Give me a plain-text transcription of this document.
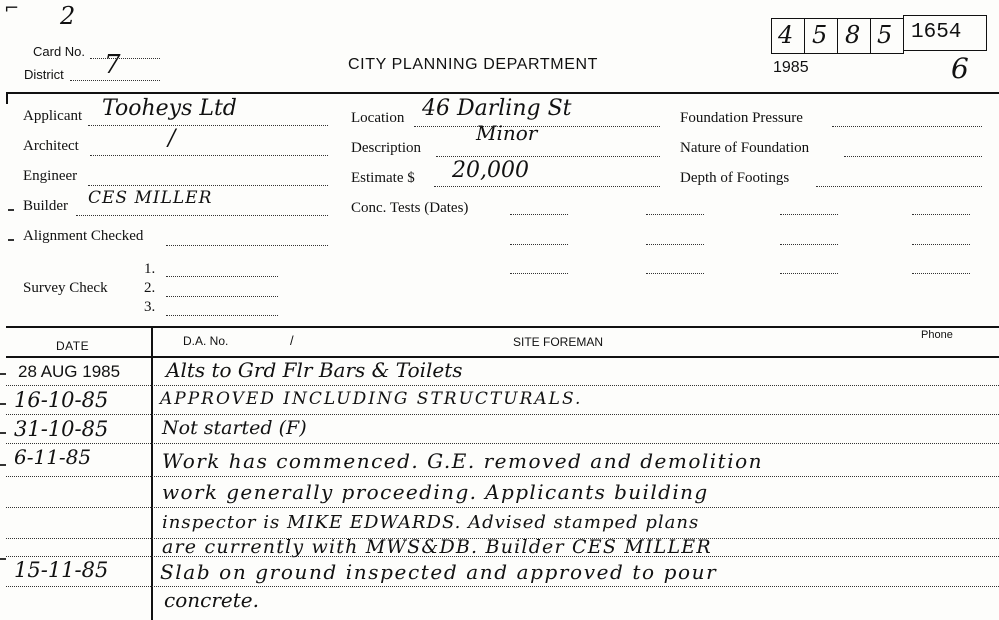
⌐ 2
Card No.
District 7	CITY PLANNING DEPARTMENT
4 5 8 5 1654
1985	6
Applicant Tooheys Ltd
Architect	/
Engineer
Builder CES MILLER
Alignment Checked
1.
Survey Check 2.
3.
Location 46 Darling St
Description
Minor
Estimate $ 20,000
Conc. Tests (Dates)
Foundation Pressure
Nature of Foundation
Depth of Footings
DATE	D.A. No.	/	SITE FOREMAN	Phone
28 AUG 1985 Alts to Grd Flr Bars & Toilets
16-10-85	APPROVED INCLUDING STRUCTURALS.
31-10-85	Not started (F)
6-11-85	Work has commenced. G.E. removed and demolition
work generally proceeding. Applicants building
inspector is MIKE EDWARDS. Advised stamped plans
are currently with MWS&DB. Builder CES MILLER
15-11-85	Slab on ground inspected and approved to pour
concrete.
